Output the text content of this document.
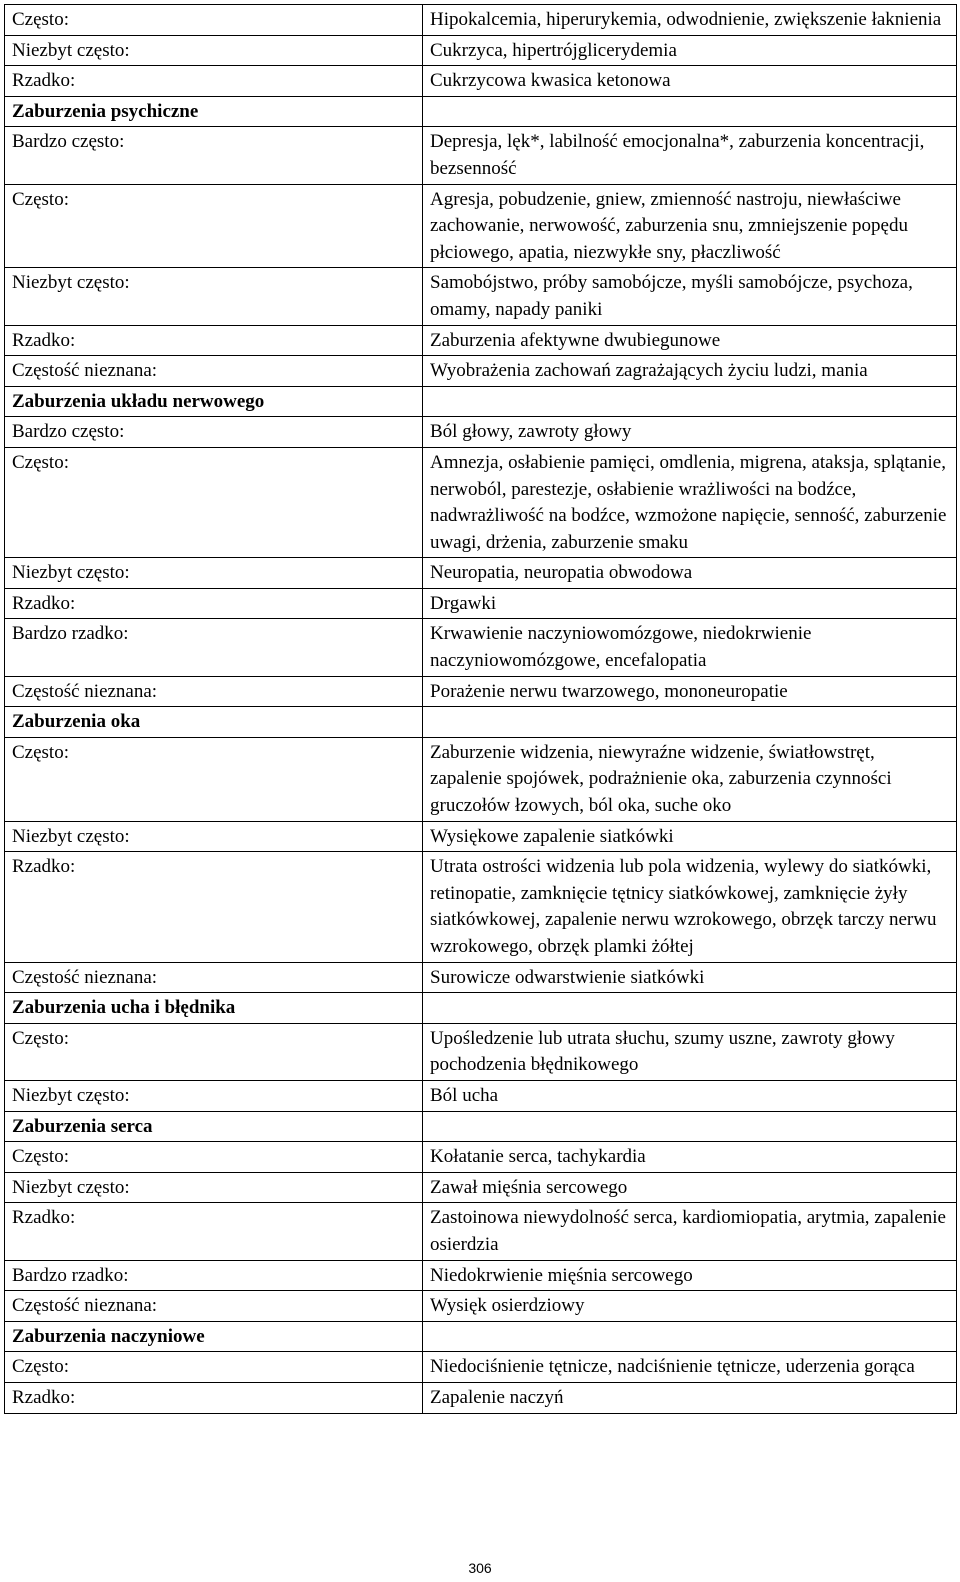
Często:	Hipokalcemia, hiperurykemia, odwodnienie, zwiększenie łaknienia
Niezbyt często:	Cukrzyca, hipertrójglicerydemia
Rzadko:	Cukrzycowa kwasica ketonowa
Zaburzenia psychiczne	
Bardzo często:	Depresja, lęk*, labilność emocjonalna*, zaburzenia koncentracji, bezsenność
Często:	Agresja, pobudzenie, gniew, zmienność nastroju, niewłaściwe zachowanie, nerwowość, zaburzenia snu, zmniejszenie popędu płciowego, apatia, niezwykłe sny, płaczliwość
Niezbyt często:	Samobójstwo, próby samobójcze, myśli samobójcze, psychoza, omamy, napady paniki
Rzadko:	Zaburzenia afektywne dwubiegunowe
Częstość nieznana:	Wyobrażenia zachowań zagrażających życiu ludzi, mania
Zaburzenia układu nerwowego	
Bardzo często:	Ból głowy, zawroty głowy
Często:	Amnezja, osłabienie pamięci, omdlenia, migrena, ataksja, splątanie, nerwoból, parestezje, osłabienie wrażliwości na bodźce, nadwrażliwość na bodźce, wzmożone napięcie, senność, zaburzenie uwagi, drżenia, zaburzenie smaku
Niezbyt często:	Neuropatia, neuropatia obwodowa
Rzadko:	Drgawki
Bardzo rzadko:	Krwawienie naczyniowomózgowe, niedokrwienie naczyniowomózgowe, encefalopatia
Częstość nieznana:	Porażenie nerwu twarzowego, mononeuropatie
Zaburzenia oka	
Często:	Zaburzenie widzenia, niewyraźne widzenie, światłowstręt, zapalenie spojówek, podrażnienie oka, zaburzenia czynności gruczołów łzowych, ból oka, suche oko
Niezbyt często:	Wysiękowe zapalenie siatkówki
Rzadko:	Utrata ostrości widzenia lub pola widzenia, wylewy do siatkówki, retinopatie, zamknięcie tętnicy siatkówkowej, zamknięcie żyły siatkówkowej, zapalenie nerwu wzrokowego, obrzęk tarczy nerwu wzrokowego, obrzęk plamki żółtej
Częstość nieznana:	Surowicze odwarstwienie siatkówki
Zaburzenia ucha i błędnika	
Często:	Upośledzenie lub utrata słuchu, szumy uszne, zawroty głowy pochodzenia błędnikowego
Niezbyt często:	Ból ucha
Zaburzenia serca	
Często:	Kołatanie serca, tachykardia
Niezbyt często:	Zawał mięśnia sercowego
Rzadko:	Zastoinowa niewydolność serca, kardiomiopatia, arytmia, zapalenie osierdzia
Bardzo rzadko:	Niedokrwienie mięśnia sercowego
Częstość nieznana:	Wysięk osierdziowy
Zaburzenia naczyniowe	
Często:	Niedociśnienie tętnicze, nadciśnienie tętnicze, uderzenia gorąca
Rzadko:	Zapalenie naczyń
306
